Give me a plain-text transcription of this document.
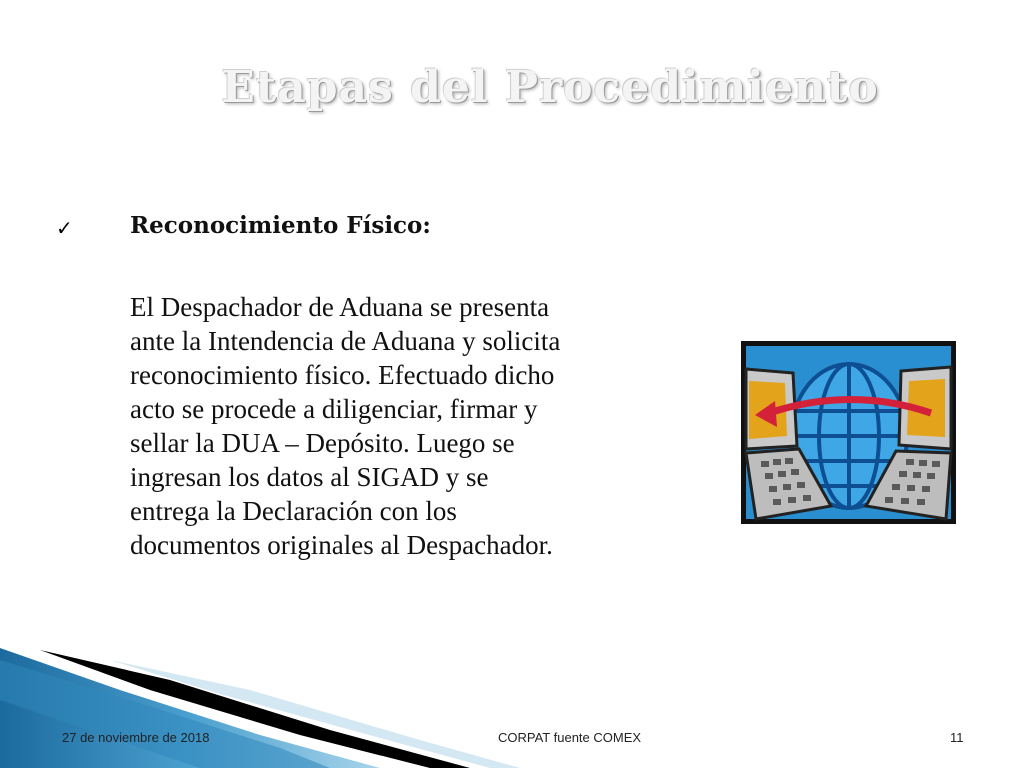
Etapas del Procedimiento
✓ Reconocimiento Físico:
El Despachador de Aduana se presenta
ante la Intendencia de Aduana y solicita
reconocimiento físico. Efectuado dicho
acto se procede a diligenciar, firmar y
sellar la DUA – Depósito. Luego se
ingresan los datos al SIGAD y se
entrega la Declaración con los
documentos originales al Despachador.
27 de noviembre de 2018	CORPAT fuente COMEX	11
